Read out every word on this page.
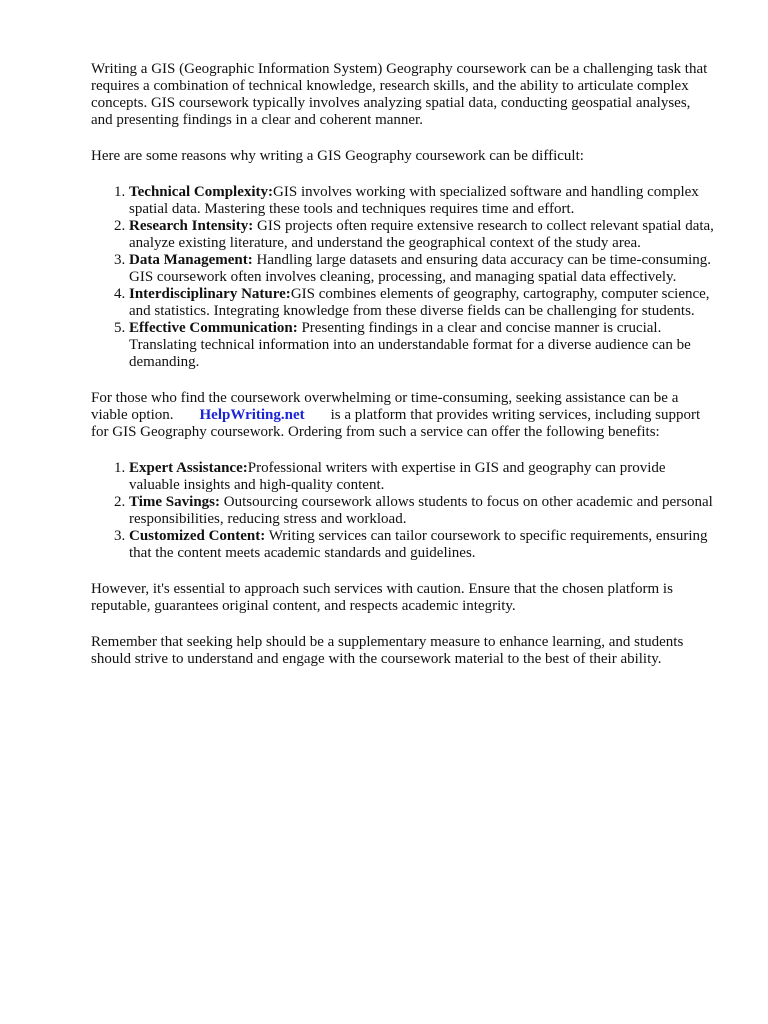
Writing a GIS (Geographic Information System) Geography coursework can be a challenging task that requires a combination of technical knowledge, research skills, and the ability to articulate complex concepts. GIS coursework typically involves analyzing spatial data, conducting geospatial analyses, and presenting findings in a clear and coherent manner.

Here are some reasons why writing a GIS Geography coursework can be difficult:

1. Technical Complexity:GIS involves working with specialized software and handling complex spatial data. Mastering these tools and techniques requires time and effort.
2. Research Intensity: GIS projects often require extensive research to collect relevant spatial data, analyze existing literature, and understand the geographical context of the study area.
3. Data Management: Handling large datasets and ensuring data accuracy can be time-consuming. GIS coursework often involves cleaning, processing, and managing spatial data effectively.
4. Interdisciplinary Nature:GIS combines elements of geography, cartography, computer science, and statistics. Integrating knowledge from these diverse fields can be challenging for students.
5. Effective Communication: Presenting findings in a clear and concise manner is crucial. Translating technical information into an understandable format for a diverse audience can be demanding.

For those who find the coursework overwhelming or time-consuming, seeking assistance can be a viable option. HelpWriting.net is a platform that provides writing services, including support for GIS Geography coursework. Ordering from such a service can offer the following benefits:

1. Expert Assistance:Professional writers with expertise in GIS and geography can provide valuable insights and high-quality content.
2. Time Savings: Outsourcing coursework allows students to focus on other academic and personal responsibilities, reducing stress and workload.
3. Customized Content: Writing services can tailor coursework to specific requirements, ensuring that the content meets academic standards and guidelines.

However, it's essential to approach such services with caution. Ensure that the chosen platform is reputable, guarantees original content, and respects academic integrity.

Remember that seeking help should be a supplementary measure to enhance learning, and students should strive to understand and engage with the coursework material to the best of their ability.
